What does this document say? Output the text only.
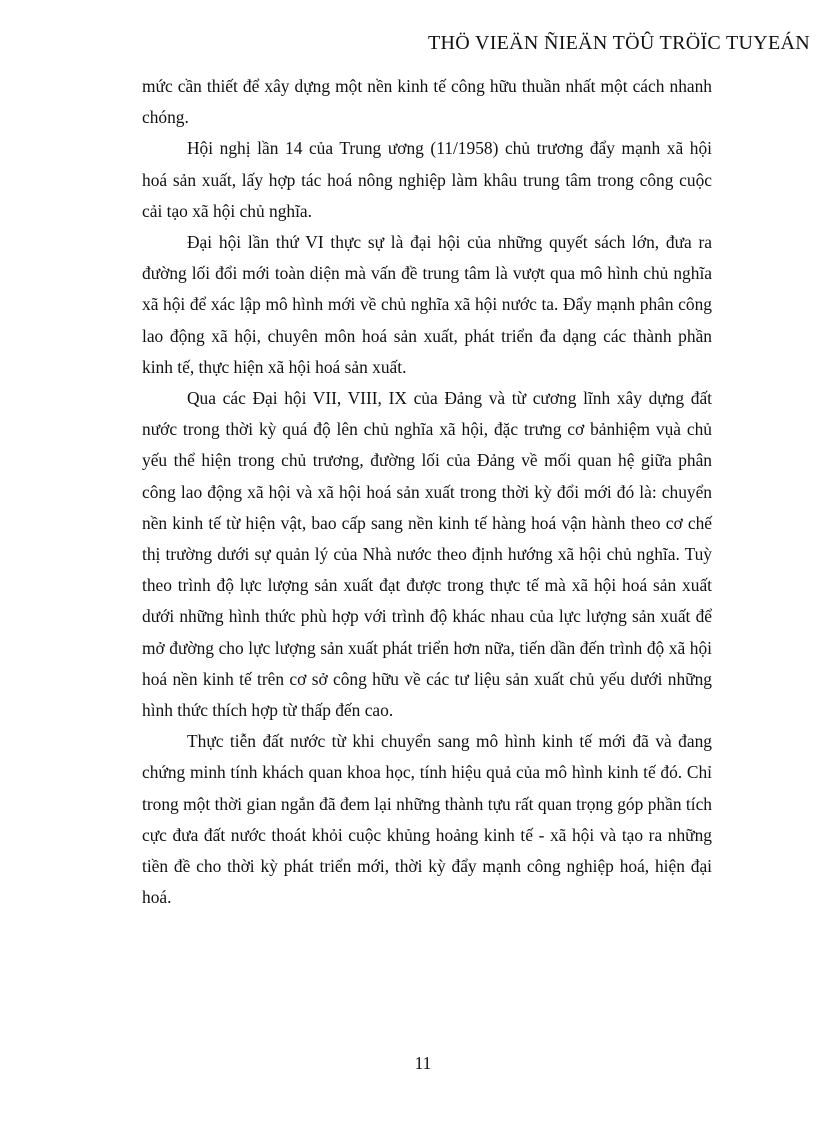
THÖ VIEÄN ÑIEÄN TÖÛ TRÖÏC TUYEÁN

mức cần thiết để xây dựng một nền kinh tế công hữu thuần nhất một cách nhanh chóng.

Hội nghị lần 14 của Trung ương (11/1958) chủ trương đẩy mạnh xã hội hoá sản xuất, lấy hợp tác hoá nông nghiệp làm khâu trung tâm trong công cuộc cải tạo xã hội chủ nghĩa.

Đại hội lần thứ VI thực sự là đại hội của những quyết sách lớn, đưa ra đường lối đổi mới toàn diện mà vấn đề trung tâm là vượt qua mô hình chủ nghĩa xã hội để xác lập mô hình mới về chủ nghĩa xã hội nước ta. Đẩy mạnh phân công lao động xã hội, chuyên môn hoá sản xuất, phát triển đa dạng các thành phần kinh tế, thực hiện xã hội hoá sản xuất.

Qua các Đại hội VII, VIII, IX của Đảng và từ cương lĩnh xây dựng đất nước trong thời kỳ quá độ lên chủ nghĩa xã hội, đặc trưng cơ bảnhiệm vụà chủ yếu thể hiện trong chủ trương, đường lối của Đảng về mối quan hệ giữa phân công lao động xã hội và xã hội hoá sản xuất trong thời kỳ đổi mới đó là: chuyển nền kinh tế từ hiện vật, bao cấp sang nền kinh tế hàng hoá vận hành theo cơ chế thị trường dưới sự quản lý của Nhà nước theo định hướng xã hội chủ nghĩa. Tuỳ theo trình độ lực lượng sản xuất đạt được trong thực tế mà xã hội hoá sản xuất dưới những hình thức phù hợp với trình độ khác nhau của lực lượng sản xuất để mở đường cho lực lượng sản xuất phát triển hơn nữa, tiến dần đến trình độ xã hội hoá nền kinh tế trên cơ sở công hữu về các tư liệu sản xuất chủ yếu dưới những hình thức thích hợp từ thấp đến cao.

Thực tiễn đất nước từ khi chuyển sang mô hình kinh tế mới đã và đang chứng minh tính khách quan khoa học, tính hiệu quả của mô hình kinh tế đó. Chỉ trong một thời gian ngắn đã đem lại những thành tựu rất quan trọng góp phần tích cực đưa đất nước thoát khỏi cuộc khủng hoảng kinh tế - xã hội và tạo ra những tiền đề cho thời kỳ phát triển mới, thời kỳ đẩy mạnh công nghiệp hoá, hiện đại hoá.

11
